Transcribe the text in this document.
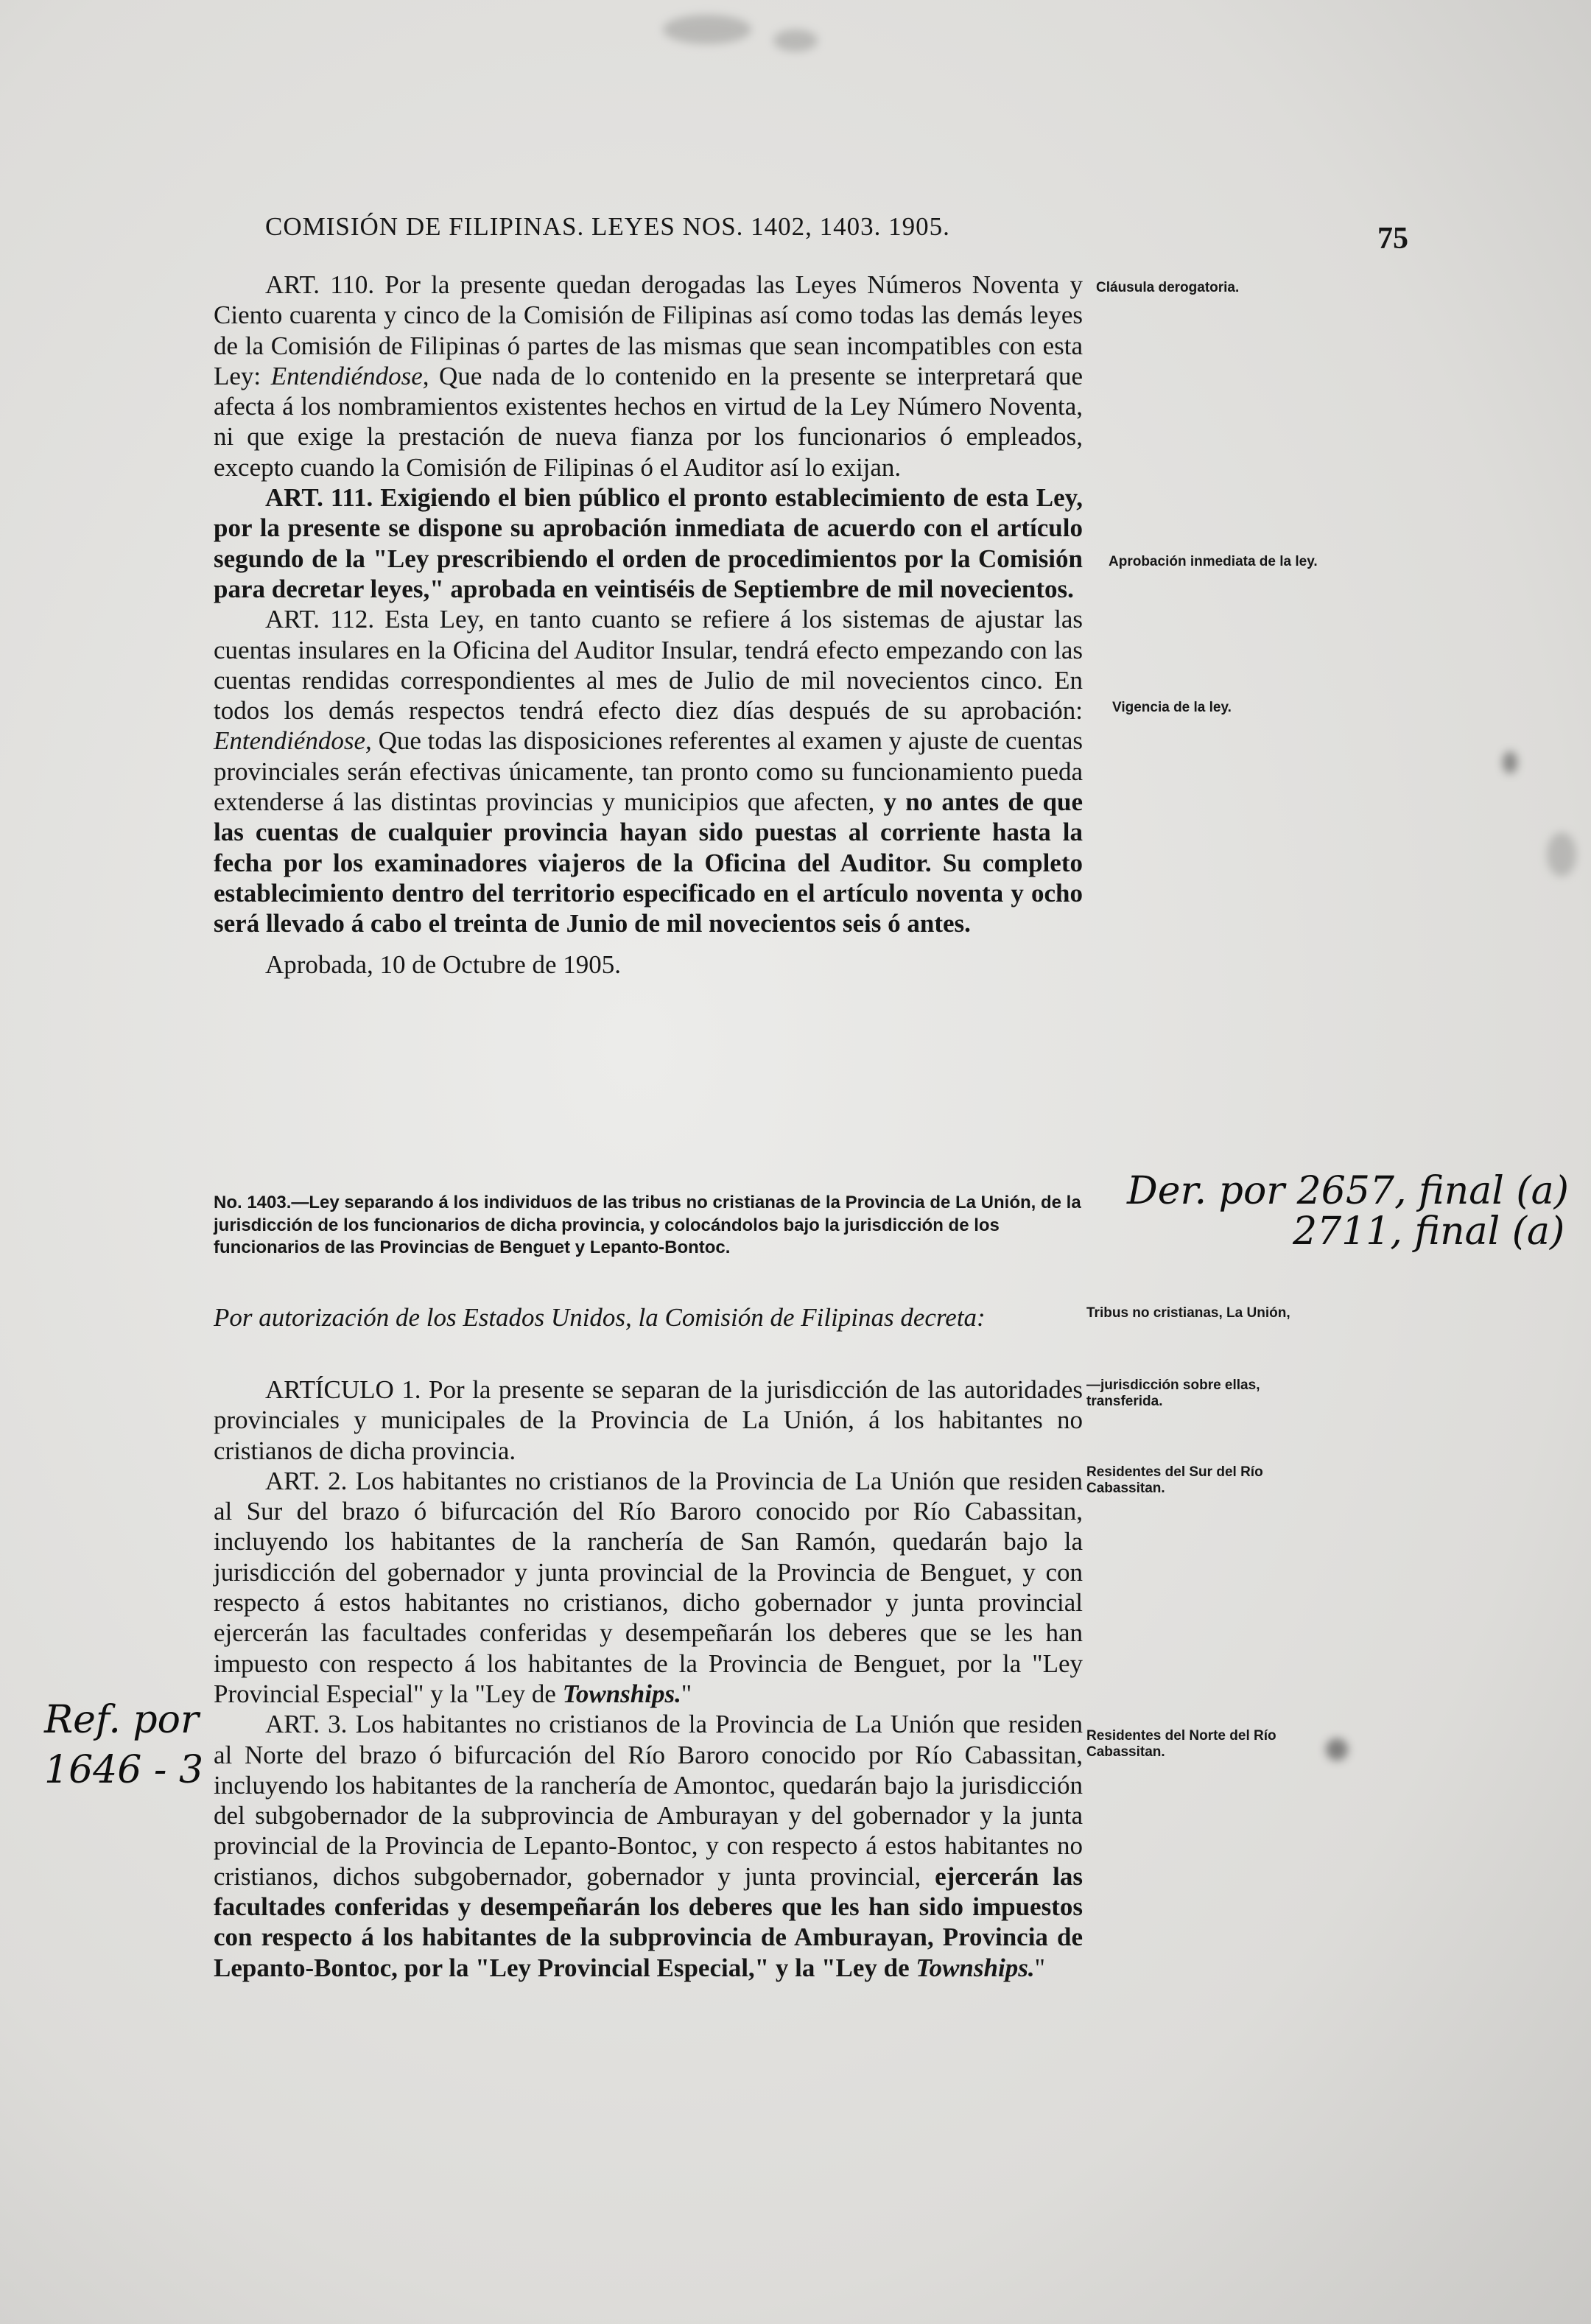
COMISIÓN DE FILIPINAS. LEYES NOS. 1402, 1403. 1905.	75

ART. 110. Por la presente quedan derogadas las Leyes Números Noventa y Ciento cuarenta y cinco de la Comisión de Filipinas así como todas las demás leyes de la Comisión de Filipinas ó partes de las mismas que sean incompatibles con esta Ley: Entendiéndose, Que nada de lo contenido en la presente se interpretará que afecta á los nombramientos existentes hechos en virtud de la Ley Número Noventa, ni que exige la prestación de nueva fianza por los funcionarios ó empleados, excepto cuando la Comisión de Filipinas ó el Auditor así lo exijan.

ART. 111. Exigiendo el bien público el pronto establecimiento de esta Ley, por la presente se dispone su aprobación inmediata de acuerdo con el artículo segundo de la "Ley prescribiendo el orden de procedimientos por la Comisión para decretar leyes," aprobada en veintiséis de Septiembre de mil novecientos.

ART. 112. Esta Ley, en tanto cuanto se refiere á los sistemas de ajustar las cuentas insulares en la Oficina del Auditor Insular, tendrá efecto empezando con las cuentas rendidas correspondientes al mes de Julio de mil novecientos cinco. En todos los demás respectos tendrá efecto diez días después de su aprobación: Entendiéndose, Que todas las disposiciones referentes al examen y ajuste de cuentas provinciales serán efectivas únicamente, tan pronto como su funcionamiento pueda extenderse á las distintas provincias y municipios que afecten, y no antes de que las cuentas de cualquier provincia hayan sido puestas al corriente hasta la fecha por los examinadores viajeros de la Oficina del Auditor. Su completo establecimiento dentro del territorio especificado en el artículo noventa y ocho será llevado á cabo el treinta de Junio de mil novecientos seis ó antes.

Aprobada, 10 de Octubre de 1905.

Cláusula derogatoria.
Aprobación inmediata de la ley.
Vigencia de la ley.
No. 1403.—Ley separando á los individuos de las tribus no cristianas de la Provincia de La Unión, de la jurisdicción de los funcionarios de dicha provincia, y colocándolos bajo la jurisdicción de los funcionarios de las Provincias de Benguet y Lepanto-Bontoc.
Der. por 2657, final (a)
2711, final (a)

Por autorización de los Estados Unidos, la Comisión de Filipinas decreta:

ARTÍCULO 1. Por la presente se separan de la jurisdicción de las autoridades provinciales y municipales de la Provincia de La Unión, á los habitantes no cristianos de dicha provincia.

ART. 2. Los habitantes no cristianos de la Provincia de La Unión que residen al Sur del brazo ó bifurcación del Río Baroro conocido por Río Cabassitan, incluyendo los habitantes de la ranchería de San Ramón, quedarán bajo la jurisdicción del gobernador y junta provincial de la Provincia de Benguet, y con respecto á estos habitantes no cristianos, dicho gobernador y junta provincial ejercerán las facultades conferidas y desempeñarán los deberes que se les han impuesto con respecto á los habitantes de la Provincia de Benguet, por la "Ley Provincial Especial" y la "Ley de Townships."

ART. 3. Los habitantes no cristianos de la Provincia de La Unión que residen al Norte del brazo ó bifurcación del Río Baroro conocido por Río Cabassitan, incluyendo los habitantes de la ranchería de Amontoc, quedarán bajo la jurisdicción del subgobernador de la subprovincia de Amburayan y del gobernador y la junta provincial de la Provincia de Lepanto-Bontoc, y con respecto á estos habitantes no cristianos, dichos subgobernador, gobernador y junta provincial, ejercerán las facultades conferidas y desempeñarán los deberes que les han sido impuestos con respecto á los habitantes de la subprovincia de Amburayan, Provincia de Lepanto-Bontoc, por la "Ley Provincial Especial," y la "Ley de Townships."

Tribus no cristianas, La Unión,
—jurisdicción sobre ellas, transferida.
Residentes del Sur del Río Cabassitan.
Residentes del Norte del Río Cabassitan.
Ref. por
1646 - 3
